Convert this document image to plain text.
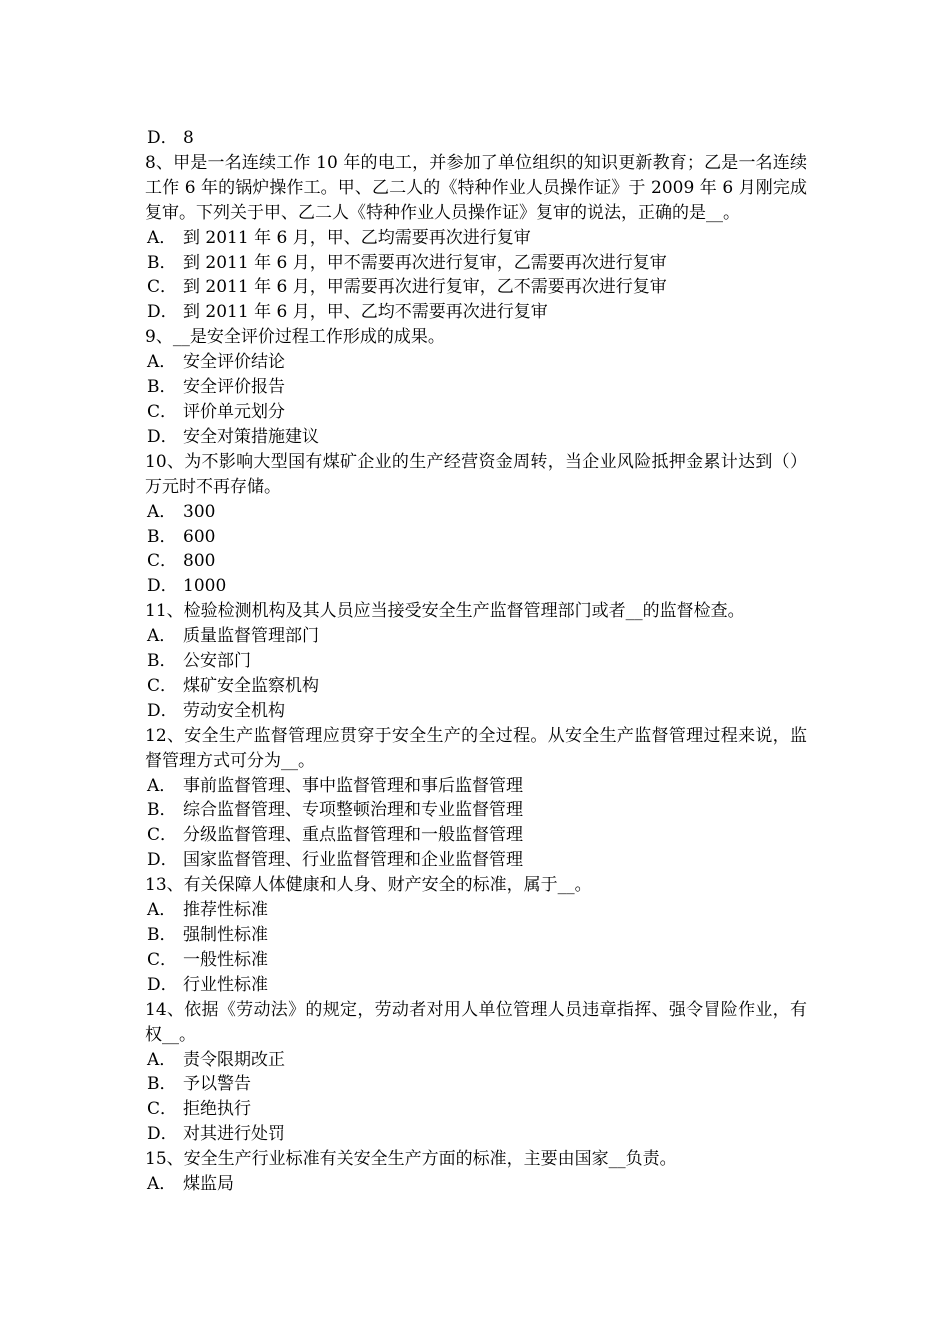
D． 8

8、甲是一名连续工作 10 年的电工，并参加了单位组织的知识更新教育；乙是一名连续工作 6 年的锅炉操作工。甲、乙二人的《特种作业人员操作证》于 2009 年 6 月刚完成复审。下列关于甲、乙二人《特种作业人员操作证》复审的说法，正确的是__。

A． 到 2011 年 6 月，甲、乙均需要再次进行复审

B． 到 2011 年 6 月，甲不需要再次进行复审，乙需要再次进行复审

C． 到 2011 年 6 月，甲需要再次进行复审，乙不需要再次进行复审

D． 到 2011 年 6 月，甲、乙均不需要再次进行复审

9、__是安全评价过程工作形成的成果。

A． 安全评价结论

B． 安全评价报告

C． 评价单元划分

D． 安全对策措施建议

10、为不影响大型国有煤矿企业的生产经营资金周转，当企业风险抵押金累计达到（）万元时不再存储。

A． 300

B． 600

C． 800

D． 1000

11、检验检测机构及其人员应当接受安全生产监督管理部门或者__的监督检查。

A． 质量监督管理部门

B． 公安部门

C． 煤矿安全监察机构

D． 劳动安全机构

12、安全生产监督管理应贯穿于安全生产的全过程。从安全生产监督管理过程来说，监督管理方式可分为__。

A． 事前监督管理、事中监督管理和事后监督管理

B． 综合监督管理、专项整顿治理和专业监督管理

C． 分级监督管理、重点监督管理和一般监督管理

D． 国家监督管理、行业监督管理和企业监督管理

13、有关保障人体健康和人身、财产安全的标准，属于__。

A． 推荐性标准

B． 强制性标准

C． 一般性标准

D． 行业性标准

14、依据《劳动法》的规定，劳动者对用人单位管理人员违章指挥、强令冒险作业，有权__。

A． 责令限期改正

B． 予以警告

C． 拒绝执行

D． 对其进行处罚

15、安全生产行业标准有关安全生产方面的标准，主要由国家__负责。

A． 煤监局
